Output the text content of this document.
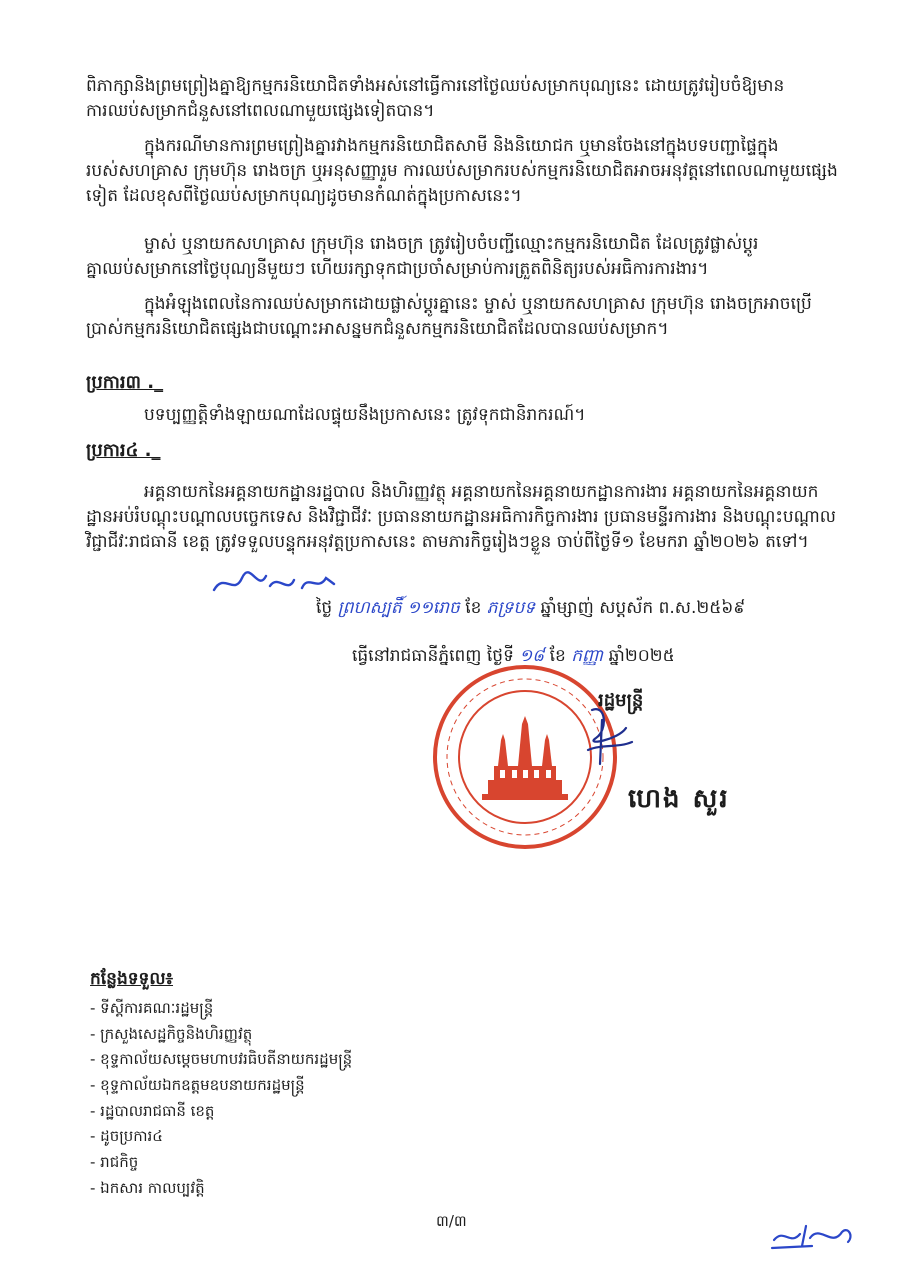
ពិភាក្សានិងព្រមព្រៀងគ្នាឱ្យកម្មករនិយោជិតទាំងអស់នៅធ្វើការនៅថ្ងៃឈប់សម្រាកបុណ្យនេះ ដោយត្រូវរៀបចំឱ្យមានការឈប់សម្រាកជំនួសនៅពេលណាមួយផ្សេងទៀតបាន។

ក្នុងករណីមានការព្រមព្រៀងគ្នារវាងកម្មករនិយោជិតសាមី និងនិយោជក ឬមានចែងនៅក្នុងបទបញ្ជាផ្ទៃក្នុងរបស់សហគ្រាស ក្រុមហ៊ុន រោងចក្រ ឬអនុសញ្ញារួម ការឈប់សម្រាករបស់កម្មករនិយោជិតអាចអនុវត្តនៅពេលណាមួយផ្សេងទៀត ដែលខុសពីថ្ងៃឈប់សម្រាកបុណ្យដូចមានកំណត់ក្នុងប្រកាសនេះ។

ម្ចាស់ ឬនាយកសហគ្រាស ក្រុមហ៊ុន រោងចក្រ ត្រូវរៀបចំបញ្ជីឈ្មោះកម្មករនិយោជិត ដែលត្រូវផ្លាស់ប្ដូរគ្នាឈប់សម្រាកនៅថ្ងៃបុណ្យនីមួយៗ ហើយរក្សាទុកជាប្រចាំសម្រាប់ការត្រួតពិនិត្យរបស់អធិការការងារ។

ក្នុងអំឡុងពេលនៃការឈប់សម្រាកដោយផ្លាស់ប្ដូរគ្នានេះ ម្ចាស់ ឬនាយកសហគ្រាស ក្រុមហ៊ុន រោងចក្រអាចប្រើប្រាស់កម្មករនិយោជិតផ្សេងជាបណ្តោះអាសន្នមកជំនួសកម្មករនិយោជិតដែលបានឈប់សម្រាក។

ប្រការ៣ ._

បទប្បញ្ញត្តិទាំងឡាយណាដែលផ្ទុយនឹងប្រកាសនេះ ត្រូវទុកជានិរាករណ៍។

ប្រការ៤ ._

អគ្គនាយកនៃអគ្គនាយកដ្ឋានរដ្ឋបាល និងហិរញ្ញវត្ថុ អគ្គនាយកនៃអគ្គនាយកដ្ឋានការងារ អគ្គនាយកនៃអគ្គនាយកដ្ឋានអប់រំបណ្តុះបណ្តាលបច្ចេកទេស និងវិជ្ជាជីវៈ ប្រធាននាយកដ្ឋានអធិការកិច្ចការងារ ប្រធានមន្ទីរការងារ និងបណ្តុះបណ្តាលវិជ្ជាជីវៈរាជធានី ខេត្ត ត្រូវទទួលបន្ទុកអនុវត្តប្រកាសនេះ តាមភារកិច្ចរៀងៗខ្លួន ចាប់ពីថ្ងៃទី១ ខែមករា ឆ្នាំ២០២៦ តទៅ។

ថ្ងៃ ព្រហស្បតិ៍ ១១រោច ខែ ភទ្របទ ឆ្នាំម្សាញ់ សប្តស័ក ព.ស.២៥៦៩
ធ្វើនៅរាជធានីភ្នំពេញ ថ្ងៃទី ១៨ ខែ កញ្ញា ឆ្នាំ២០២៥
រដ្ឋមន្ត្រី
ហេង សួរ
កន្លែងទទួល៖
- ទីស្តីការគណៈរដ្ឋមន្ត្រី
- ក្រសួងសេដ្ឋកិច្ចនិងហិរញ្ញវត្ថុ
- ខុទ្ទកាល័យសម្តេចមហាបវរធិបតីនាយករដ្ឋមន្ត្រី
- ខុទ្ទកាល័យឯកឧត្តមឧបនាយករដ្ឋមន្ត្រី
- រដ្ឋបាលរាជធានី ខេត្ត
- ដូចប្រការ៤
- រាជកិច្ច
- ឯកសារ កាលប្បវត្តិ
៣/៣
